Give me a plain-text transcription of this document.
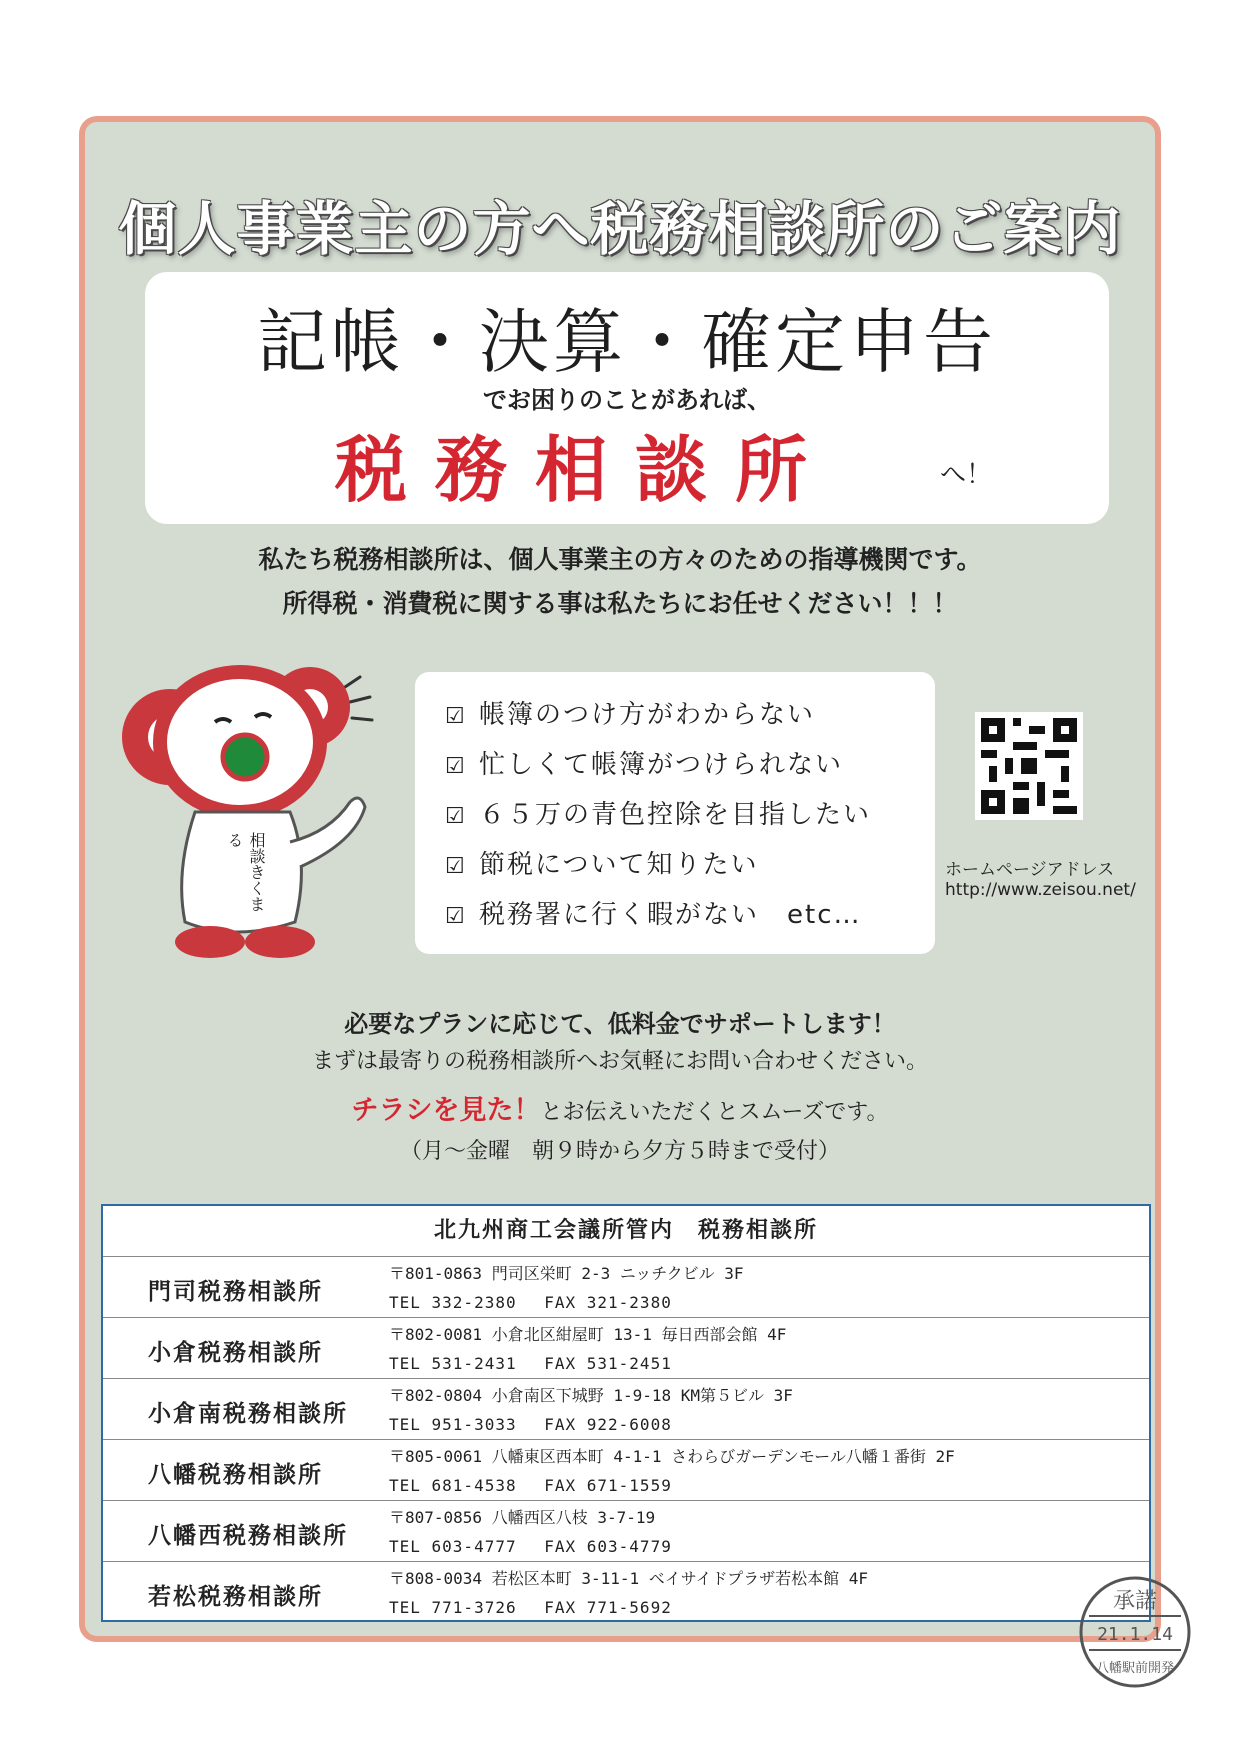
個人事業主の方へ税務相談所のご案内
記帳・決算・確定申告
でお困りのことがあれば、
税務相談所	へ！
私たち税務相談所は、個人事業主の方々のための指導機関です。
所得税・消費税に関する事は私たちにお任せください！！！
相談きくまる
☑ 帳簿のつけ方がわからない
☑ 忙しくて帳簿がつけられない
☑ ６５万の青色控除を目指したい
☑ 節税について知りたい
☑ 税務署に行く暇がない　etc…
ホームページアドレス
http://www.zeisou.net/
必要なプランに応じて、低料金でサポートします！
まずは最寄りの税務相談所へお気軽にお問い合わせください。
チラシを見た！とお伝えいただくとスムーズです。
（月～金曜　朝９時から夕方５時まで受付）
北九州商工会議所管内　税務相談所
門司税務相談所
〒801-0863 門司区栄町 2-3 ニッチクビル 3F
TEL 332-2380　 FAX 321-2380
小倉税務相談所
〒802-0081 小倉北区紺屋町 13-1 毎日西部会館 4F
TEL 531-2431　 FAX 531-2451
小倉南税務相談所
〒802-0804 小倉南区下城野 1-9-18 KM第５ビル 3F
TEL 951-3033　 FAX 922-6008
八幡税務相談所
〒805-0061 八幡東区西本町 4-1-1 さわらびガーデンモール八幡１番街 2F
TEL 681-4538　 FAX 671-1559
八幡西税務相談所
〒807-0856 八幡西区八枝 3-7-19
TEL 603-4777　 FAX 603-4779
若松税務相談所
〒808-0034 若松区本町 3-11-1 ベイサイドプラザ若松本館 4F
TEL 771-3726　 FAX 771-5692	承諾
21.1.14
八幡駅前開発
